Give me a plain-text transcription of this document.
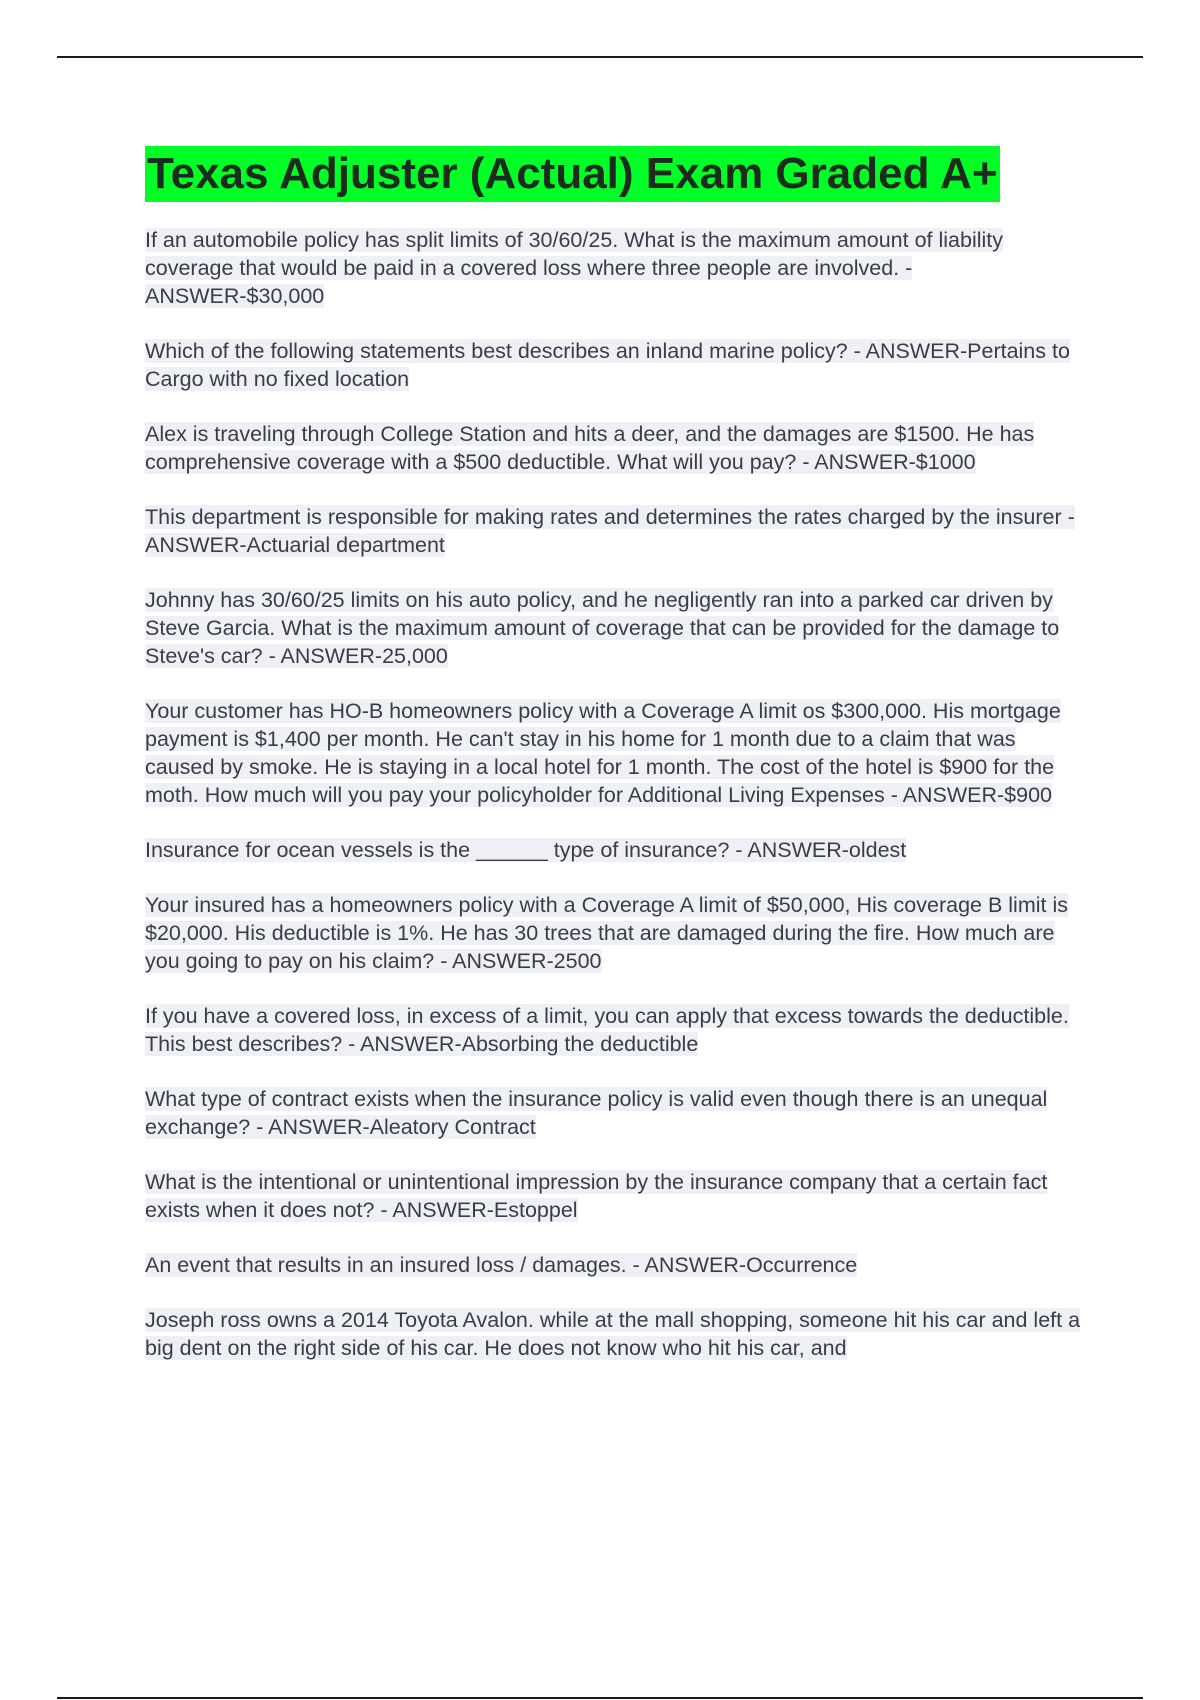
Texas Adjuster (Actual) Exam Graded A+
If an automobile policy has split limits of 30/60/25. What is the maximum amount of liability coverage that would be paid in a covered loss where three people are involved. - ANSWER-$30,000
Which of the following statements best describes an inland marine policy? - ANSWER-Pertains to Cargo with no fixed location
Alex is traveling through College Station and hits a deer, and the damages are $1500. He has comprehensive coverage with a $500 deductible. What will you pay? - ANSWER-$1000
This department is responsible for making rates and determines the rates charged by the insurer - ANSWER-Actuarial department
Johnny has 30/60/25 limits on his auto policy, and he negligently ran into a parked car driven by Steve Garcia. What is the maximum amount of coverage that can be provided for the damage to Steve's car? - ANSWER-25,000
Your customer has HO-B homeowners policy with a Coverage A limit os $300,000. His mortgage payment is $1,400 per month. He can't stay in his home for 1 month due to a claim that was caused by smoke. He is staying in a local hotel for 1 month. The cost of the hotel is $900 for the moth. How much will you pay your policyholder for Additional Living Expenses - ANSWER-$900
Insurance for ocean vessels is the ______ type of insurance? - ANSWER-oldest
Your insured has a homeowners policy with a Coverage A limit of $50,000, His coverage B limit is $20,000. His deductible is 1%. He has 30 trees that are damaged during the fire. How much are you going to pay on his claim? - ANSWER-2500
If you have a covered loss, in excess of a limit, you can apply that excess towards the deductible. This best describes? - ANSWER-Absorbing the deductible
What type of contract exists when the insurance policy is valid even though there is an unequal exchange? - ANSWER-Aleatory Contract
What is the intentional or unintentional impression by the insurance company that a certain fact exists when it does not? - ANSWER-Estoppel
An event that results in an insured loss / damages. - ANSWER-Occurrence
Joseph ross owns a 2014 Toyota Avalon. while at the mall shopping, someone hit his car and left a big dent on the right side of his car. He does not know who hit his car, and
